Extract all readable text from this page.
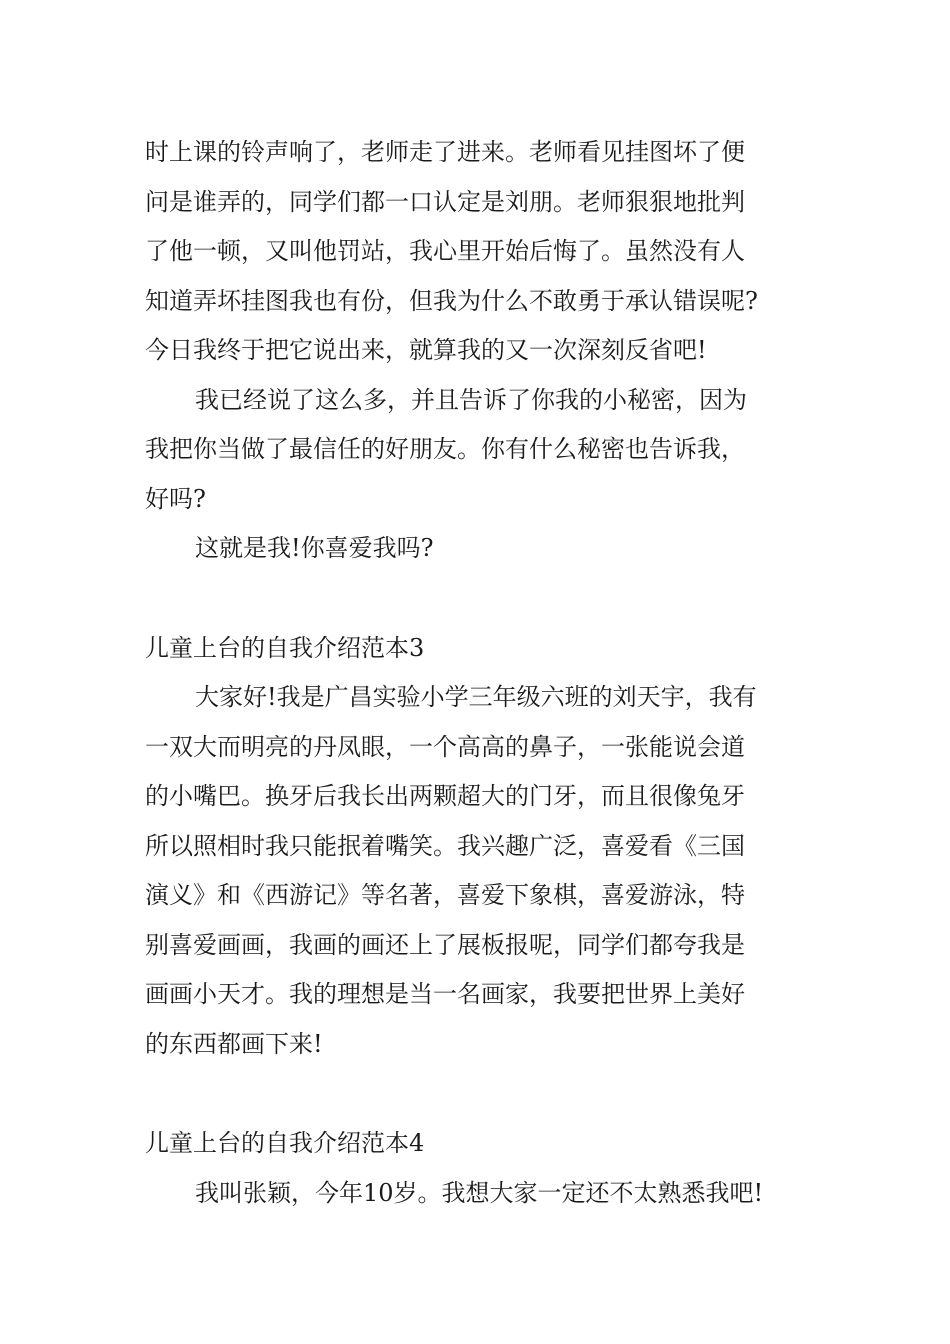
时上课的铃声响了，老师走了进来。老师看见挂图坏了便
问是谁弄的，同学们都一口认定是刘朋。老师狠狠地批判
了他一顿，又叫他罚站，我心里开始后悔了。虽然没有人
知道弄坏挂图我也有份，但我为什么不敢勇于承认错误呢?
今日我终于把它说出来，就算我的又一次深刻反省吧!
我已经说了这么多，并且告诉了你我的小秘密，因为
我把你当做了最信任的好朋友。你有什么秘密也告诉我，
好吗?
这就是我!你喜爱我吗?
儿童上台的自我介绍范本3
大家好!我是广昌实验小学三年级六班的刘天宇，我有
一双大而明亮的丹凤眼，一个高高的鼻子，一张能说会道
的小嘴巴。换牙后我长出两颗超大的门牙，而且很像兔牙
所以照相时我只能抿着嘴笑。我兴趣广泛，喜爱看《三国
演义》和《西游记》等名著，喜爱下象棋，喜爱游泳，特
别喜爱画画，我画的画还上了展板报呢，同学们都夸我是
画画小天才。我的理想是当一名画家，我要把世界上美好
的东西都画下来!
儿童上台的自我介绍范本4
我叫张颖，今年10岁。我想大家一定还不太熟悉我吧!
